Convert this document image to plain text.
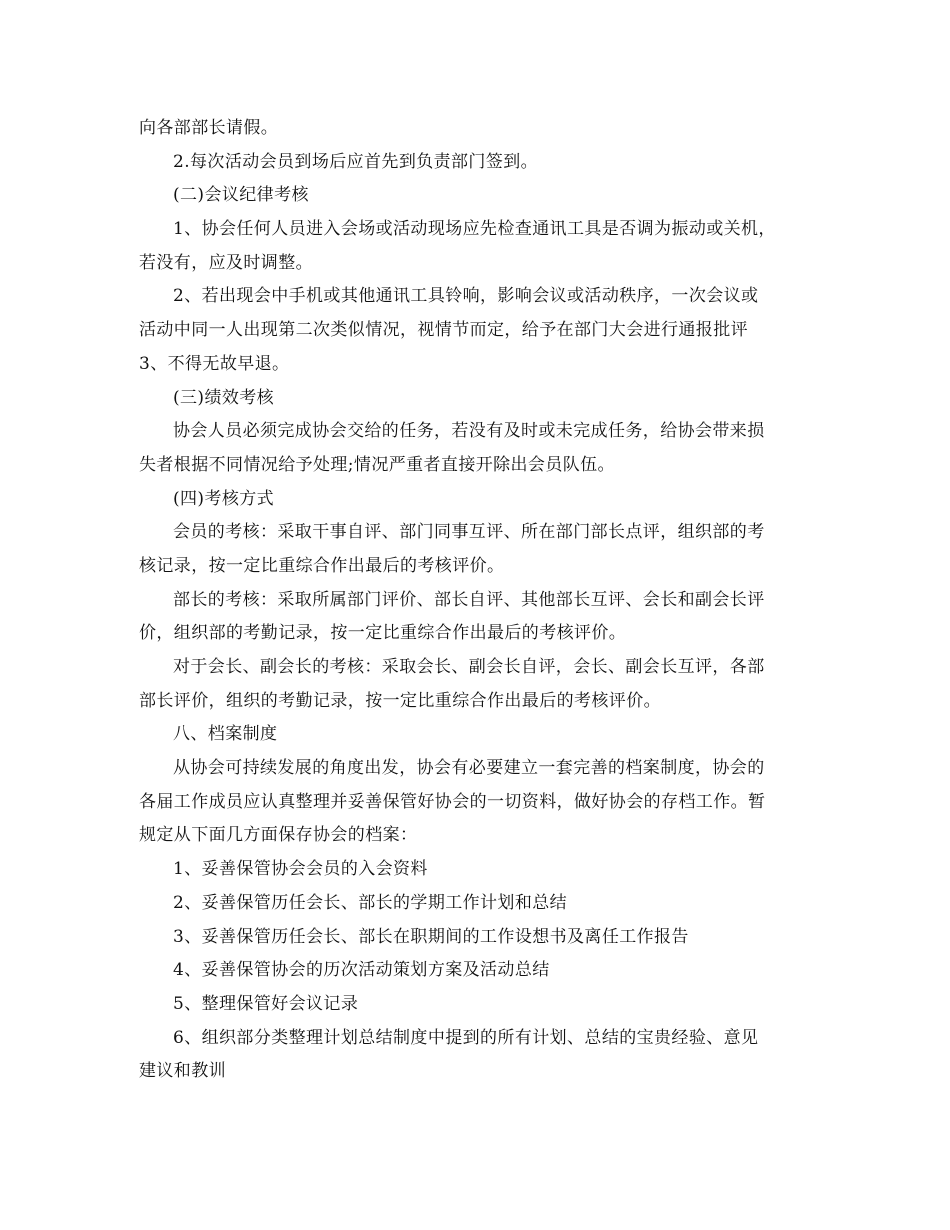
向各部部长请假。
2.每次活动会员到场后应首先到负责部门签到。
(二)会议纪律考核
1、协会任何人员进入会场或活动现场应先检查通讯工具是否调为振动或关机，
若没有，应及时调整。
2、若出现会中手机或其他通讯工具铃响，影响会议或活动秩序，一次会议或
活动中同一人出现第二次类似情况，视情节而定，给予在部门大会进行通报批评
3、不得无故早退。
(三)绩效考核
协会人员必须完成协会交给的任务，若没有及时或未完成任务，给协会带来损
失者根据不同情况给予处理;情况严重者直接开除出会员队伍。
(四)考核方式
会员的考核：采取干事自评、部门同事互评、所在部门部长点评，组织部的考
核记录，按一定比重综合作出最后的考核评价。
部长的考核：采取所属部门评价、部长自评、其他部长互评、会长和副会长评
价，组织部的考勤记录，按一定比重综合作出最后的考核评价。
对于会长、副会长的考核：采取会长、副会长自评，会长、副会长互评，各部
部长评价，组织的考勤记录，按一定比重综合作出最后的考核评价。
八、档案制度
从协会可持续发展的角度出发，协会有必要建立一套完善的档案制度，协会的
各届工作成员应认真整理并妥善保管好协会的一切资料，做好协会的存档工作。暂
规定从下面几方面保存协会的档案：
1、妥善保管协会会员的入会资料
2、妥善保管历任会长、部长的学期工作计划和总结
3、妥善保管历任会长、部长在职期间的工作设想书及离任工作报告
4、妥善保管协会的历次活动策划方案及活动总结
5、整理保管好会议记录
6、组织部分类整理计划总结制度中提到的所有计划、总结的宝贵经验、意见
建议和教训
